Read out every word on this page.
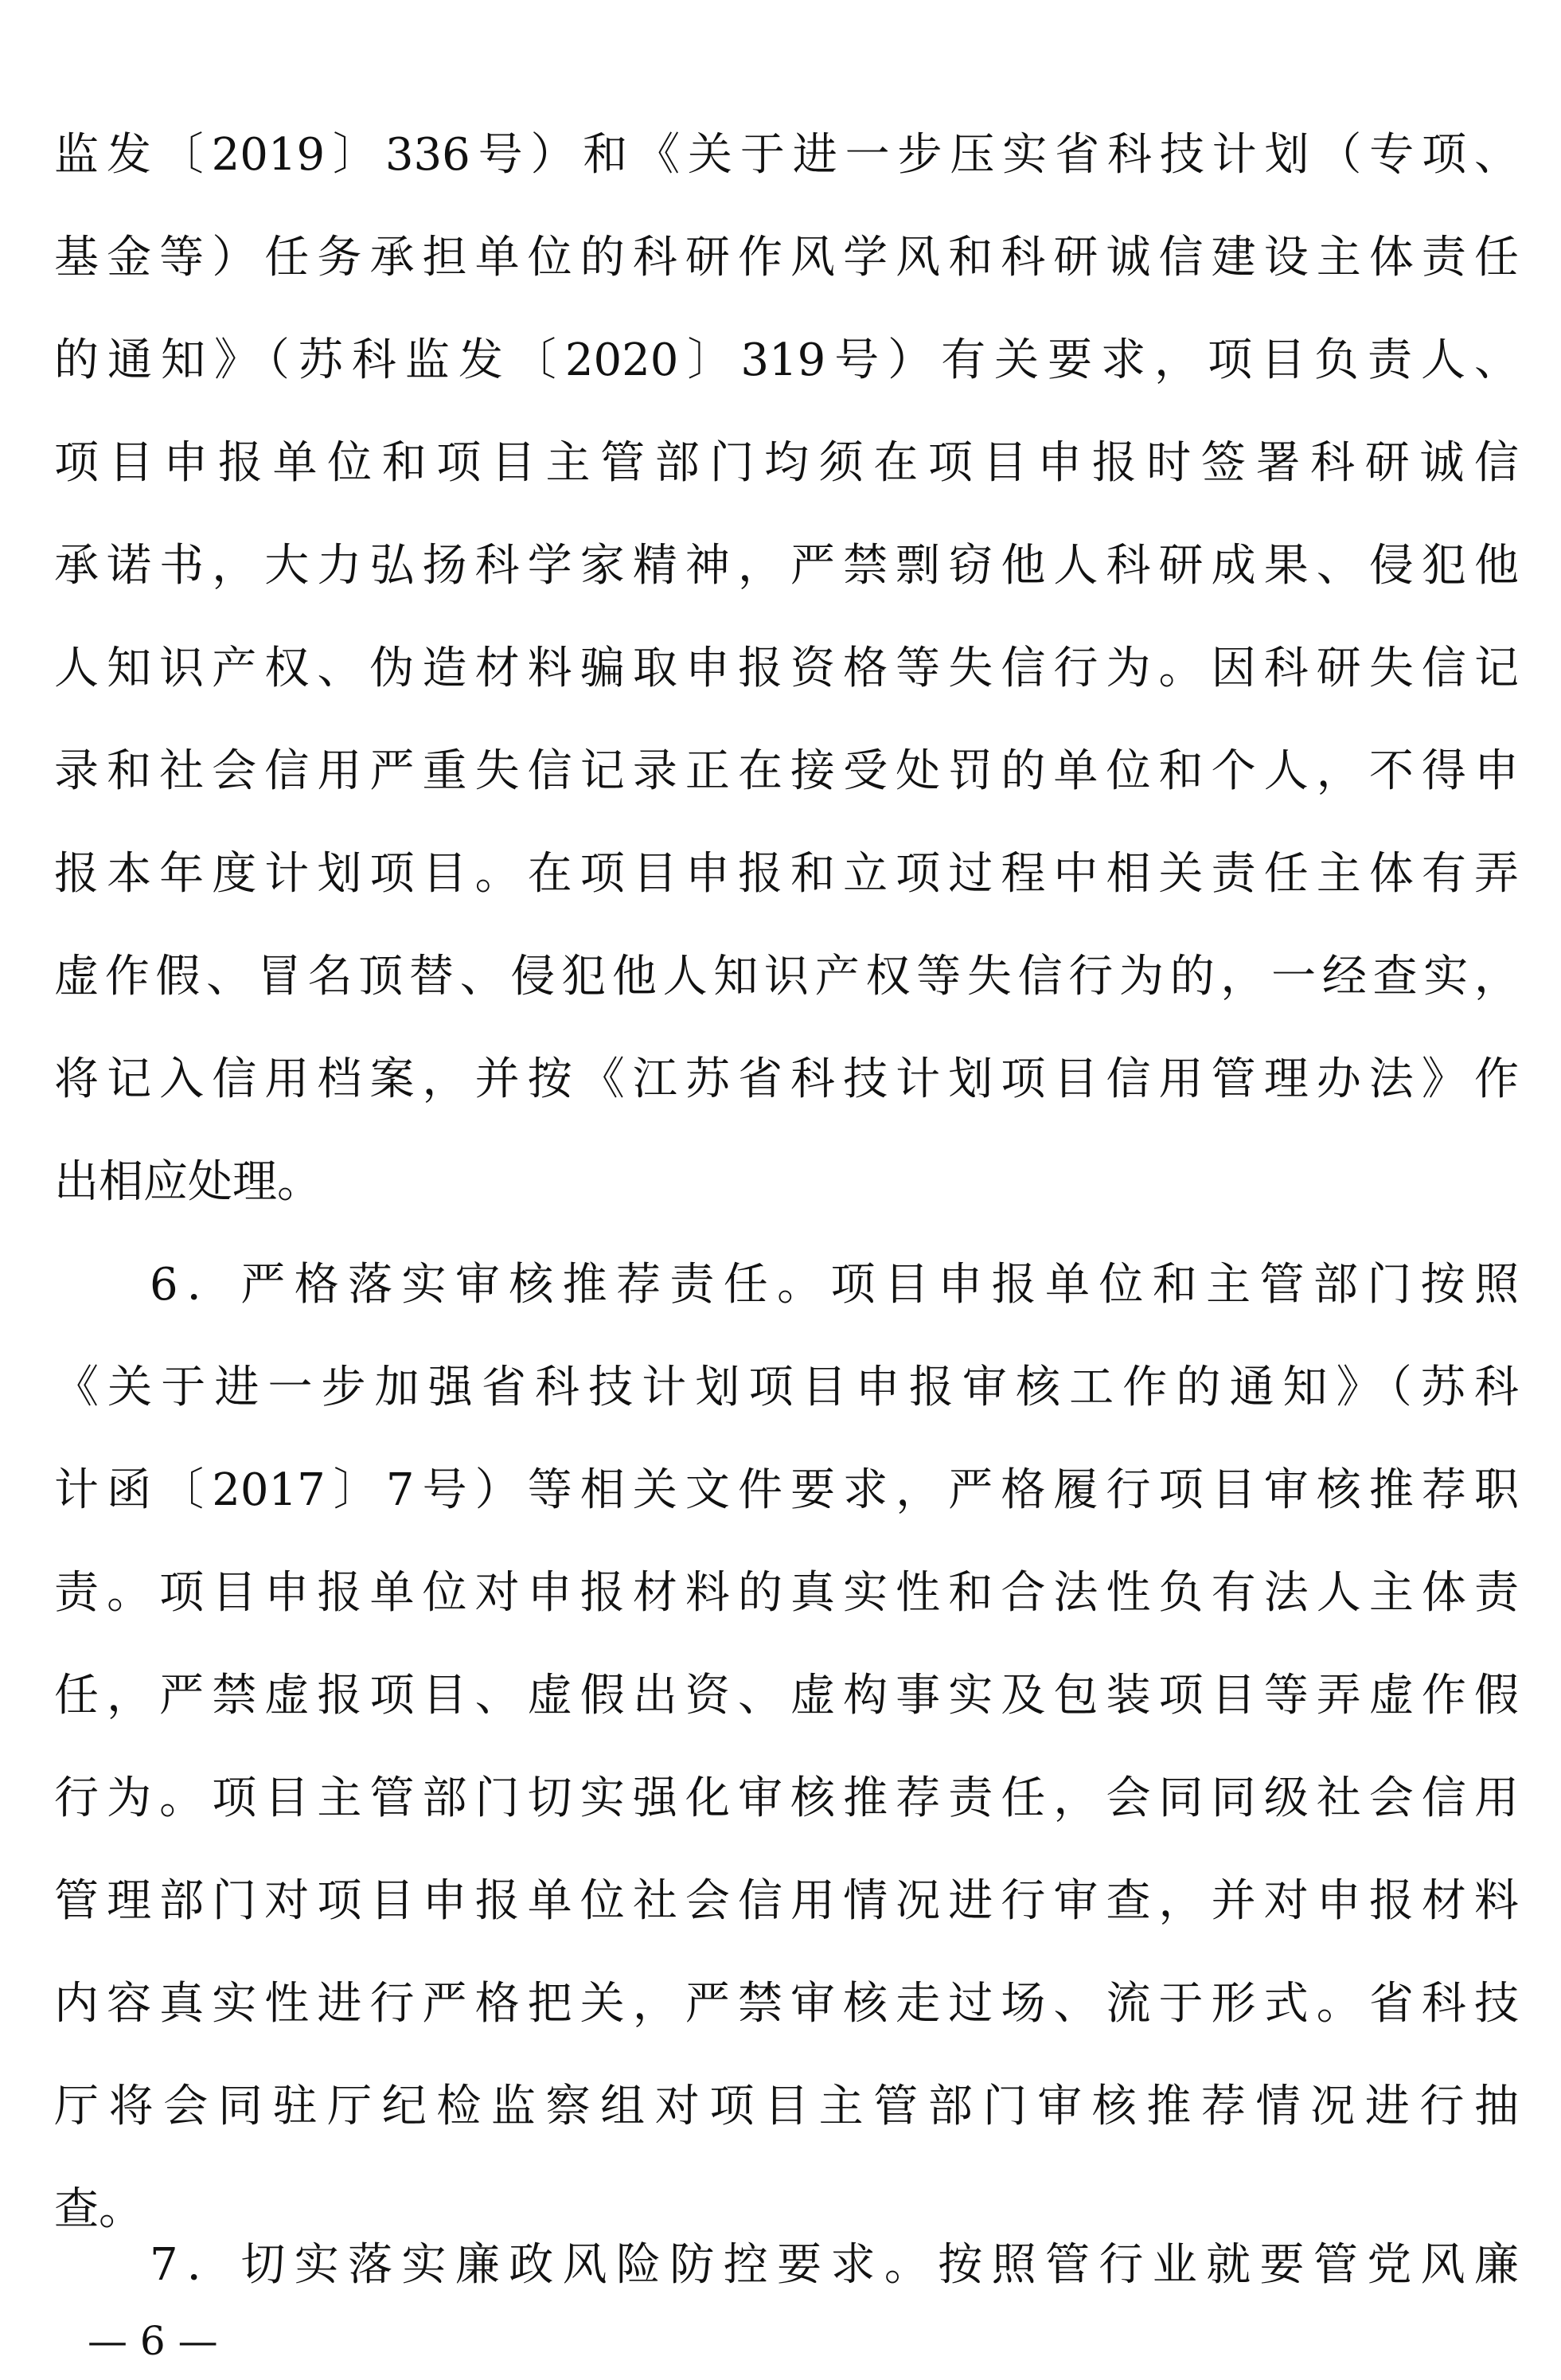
监发〔2019〕336号）和《关于进一步压实省科技计划（专项、
基金等）任务承担单位的科研作风学风和科研诚信建设主体责任
的通知》（苏科监发〔2020〕319号）有关要求，项目负责人、
项目申报单位和项目主管部门均须在项目申报时签署科研诚信
承诺书，大力弘扬科学家精神，严禁剽窃他人科研成果、侵犯他
人知识产权、伪造材料骗取申报资格等失信行为。因科研失信记
录和社会信用严重失信记录正在接受处罚的单位和个人，不得申
报本年度计划项目。在项目申报和立项过程中相关责任主体有弄
虚作假、冒名顶替、侵犯他人知识产权等失信行为的，一经查实，
将记入信用档案，并按《江苏省科技计划项目信用管理办法》作
出相应处理。
6．严格落实审核推荐责任。项目申报单位和主管部门按照
《关于进一步加强省科技计划项目申报审核工作的通知》（苏科
计函〔2017〕7号）等相关文件要求，严格履行项目审核推荐职
责。项目申报单位对申报材料的真实性和合法性负有法人主体责
任，严禁虚报项目、虚假出资、虚构事实及包装项目等弄虚作假
行为。项目主管部门切实强化审核推荐责任，会同同级社会信用
管理部门对项目申报单位社会信用情况进行审查，并对申报材料
内容真实性进行严格把关，严禁审核走过场、流于形式。省科技
厅将会同驻厅纪检监察组对项目主管部门审核推荐情况进行抽
查。
7．切实落实廉政风险防控要求。按照管行业就要管党风廉
— 6 —
